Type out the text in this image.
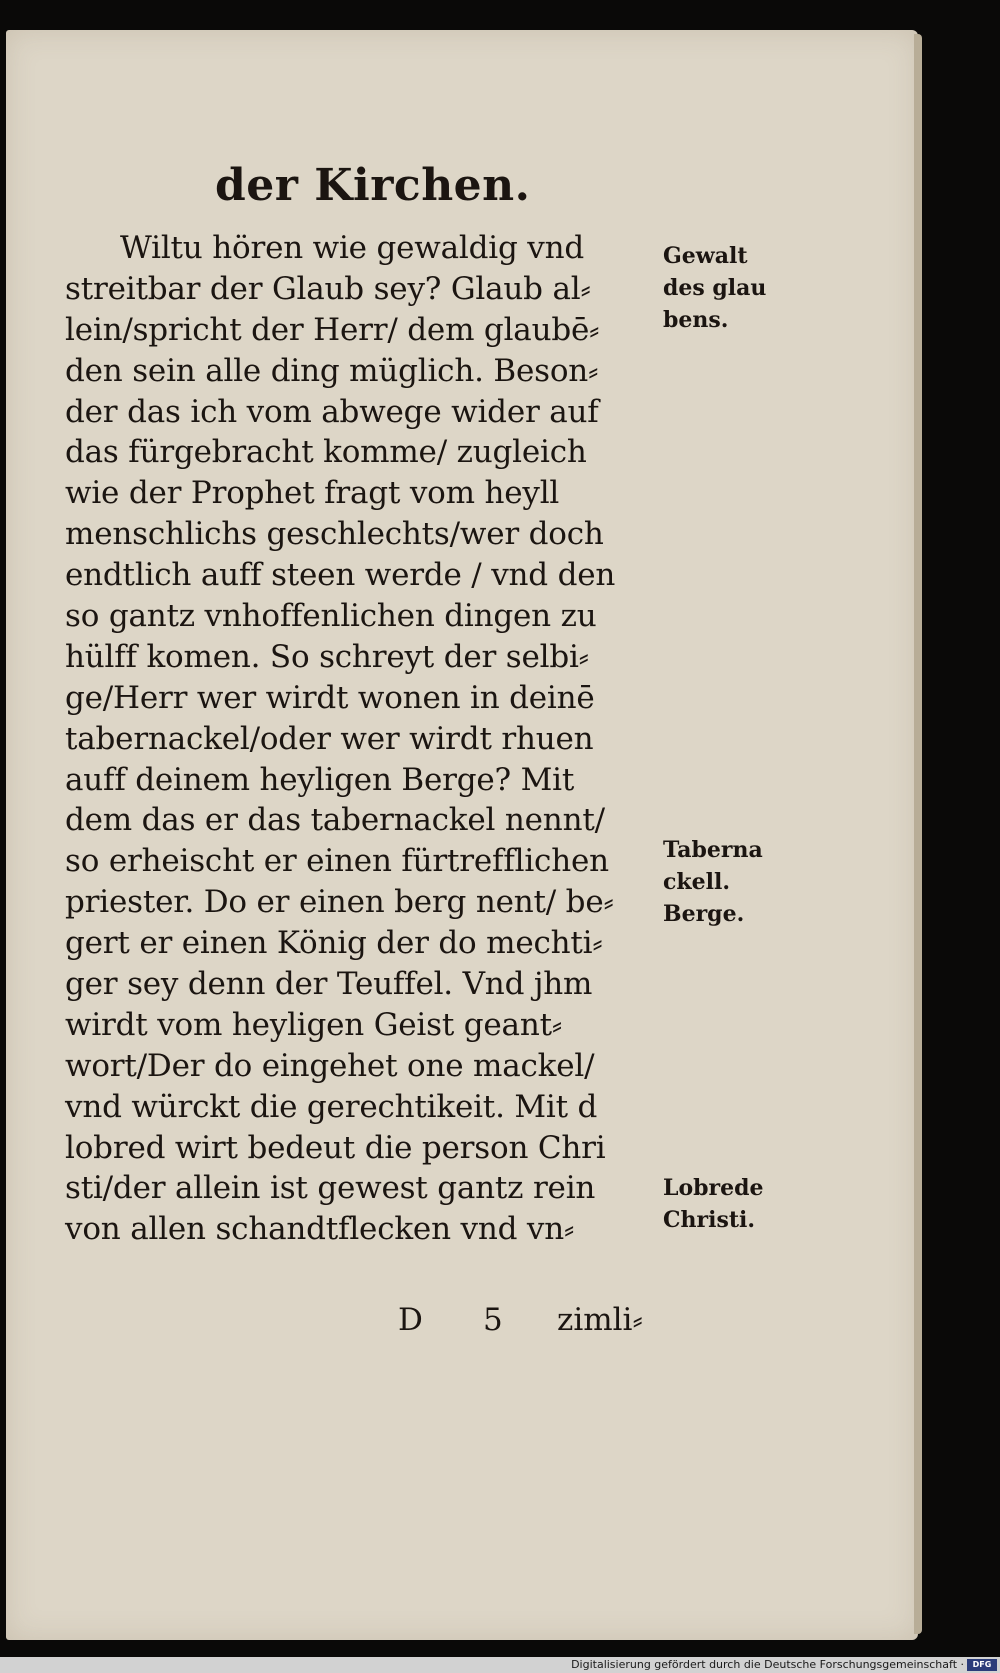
der Kirchen.
Wiltu hören wie gewaldig vnd
streitbar der Glaub sey? Glaub al⸗
lein/spricht der Herr/ dem glaubē⸗
den sein alle ding müglich. Beson⸗
der das ich vom abwege wider auf
das fürgebracht komme/ zugleich
wie der Prophet fragt vom heyll
menschlichs geschlechts/wer doch
endtlich auff steen werde / vnd den
so gantz vnhoffenlichen dingen zu
hülff komen. So schreyt der selbi⸗
ge/Herr wer wirdt wonen in deinē
tabernackel/oder wer wirdt rhuen
auff deinem heyligen Berge? Mit
dem das er das tabernackel nennt/
so erheischt er einen fürtrefflichen
priester. Do er einen berg nent/ be⸗
gert er einen König der do mechti⸗
ger sey denn der Teuffel. Vnd jhm
wirdt vom heyligen Geist geant⸗
wort/Der do eingehet one mackel/
vnd würckt die gerechtikeit. Mit d
lobred wirt bedeut die person Chri
sti/der allein ist gewest gantz rein
von allen schandtflecken vnd vn⸗
D 5 zimli⸗
Gewalt
des glau
bens.
Taberna
ckell.
Berge.
Lobrede
Christi.
Digitalisierung gefördert durch die Deutsche Forschungsgemeinschaft ·	DFG
